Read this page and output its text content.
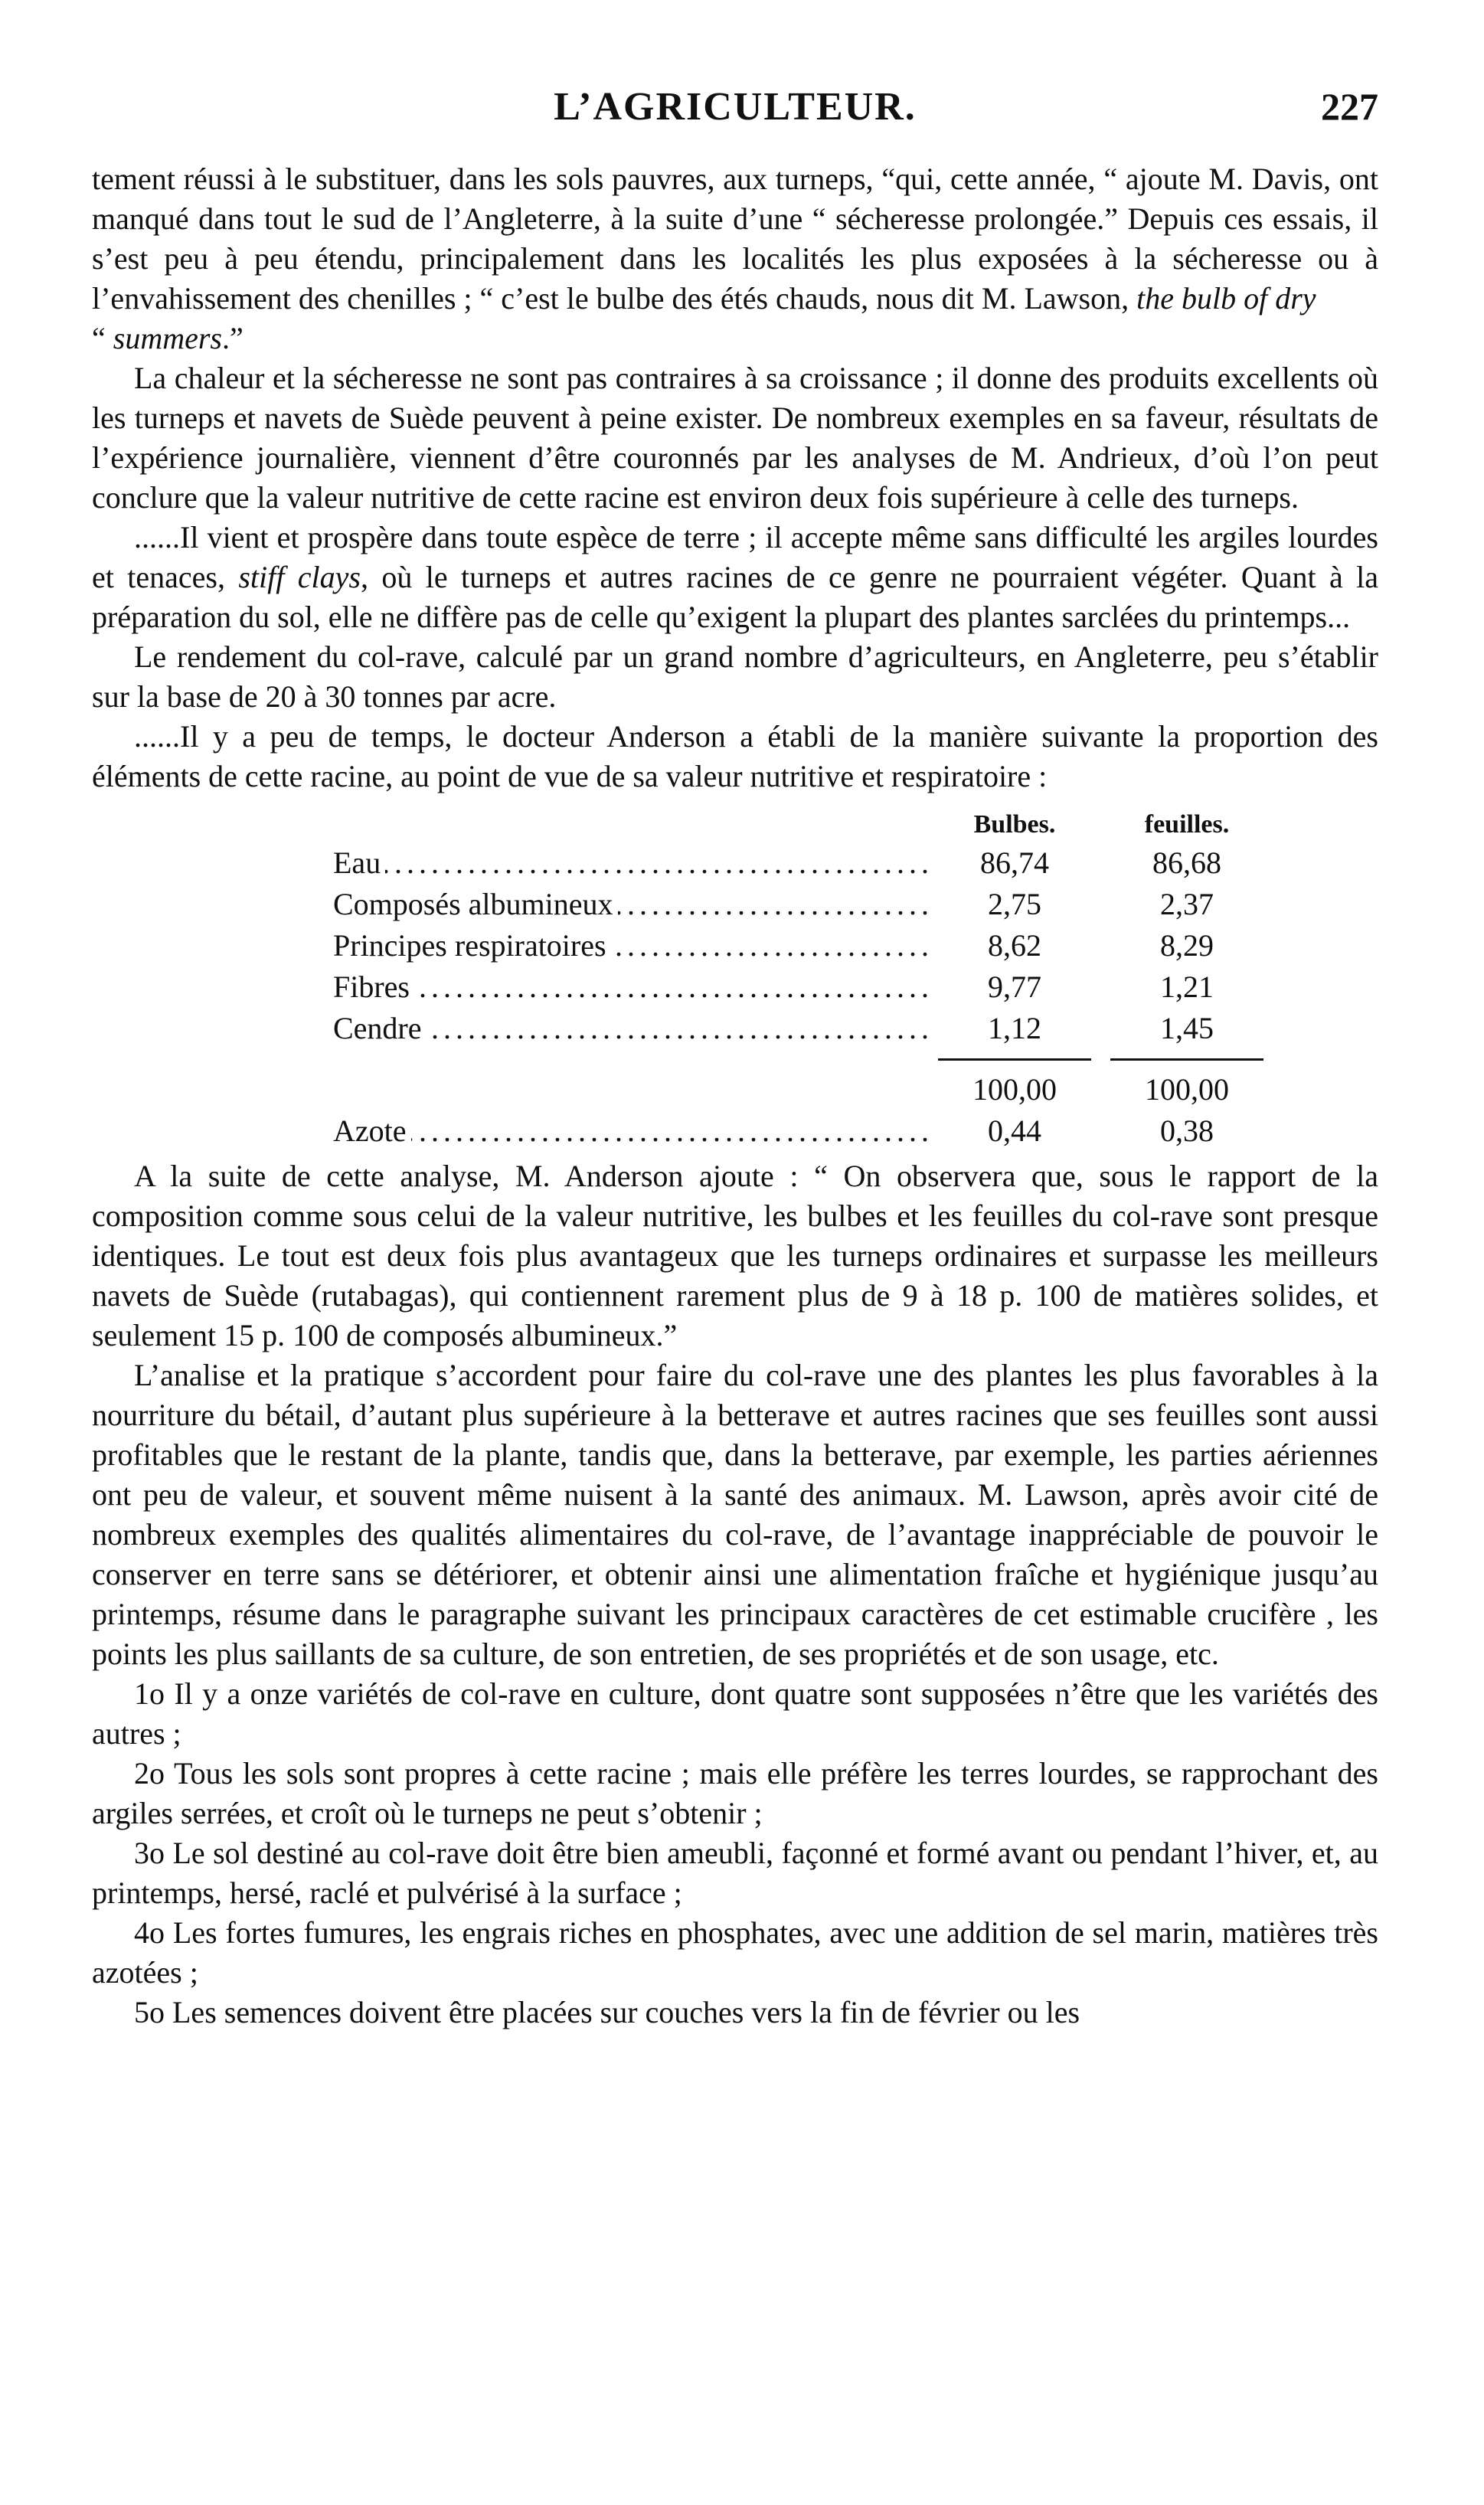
L’AGRICULTEUR.	227

tement réussi à le substituer, dans les sols pauvres, aux turneps, “qui, cette année, “ ajoute M. Davis, ont manqué dans tout le sud de l’Angleterre, à la suite d’une “ sécheresse prolongée.” Depuis ces essais, il s’est peu à peu étendu, principalement dans les localités les plus exposées à la sécheresse ou à l’envahissement des chenilles ; “ c’est le bulbe des étés chauds, nous dit M. Lawson, the bulb of dry
“ summers.”

La chaleur et la sécheresse ne sont pas contraires à sa croissance ; il donne des produits excellents où les turneps et navets de Suède peuvent à peine exister. De nombreux exemples en sa faveur, résultats de l’expérience journalière, viennent d’être couronnés par les analyses de M. Andrieux, d’où l’on peut conclure que la valeur nutritive de cette racine est environ deux fois supérieure à celle des turneps.

......Il vient et prospère dans toute espèce de terre ; il accepte même sans difficulté les argiles lourdes et tenaces, stiff clays, où le turneps et autres racines de ce genre ne pourraient végéter. Quant à la préparation du sol, elle ne diffère pas de celle qu’exigent la plupart des plantes sarclées du printemps...

Le rendement du col-rave, calculé par un grand nombre d’agriculteurs, en Angleterre, peu s’établir sur la base de 20 à 30 tonnes par acre.

......Il y a peu de temps, le docteur Anderson a établi de la manière suivante la proportion des éléments de cette racine, au point de vue de sa valeur nutritive et respiratoire :

Bulbes.	feuilles.
Eau .....	86,74	86,68
Composés albumineux .....	2,75	2,37
Principes respiratoires .....	8,62	8,29
Fibres .....	9,77	1,21
Cendre .....	1,12	1,45
100,00	100,00
Azote .....	0,44	0,38

A la suite de cette analyse, M. Anderson ajoute : “ On observera que, sous le rapport de la composition comme sous celui de la valeur nutritive, les bulbes et les feuilles du col-rave sont presque identiques. Le tout est deux fois plus avantageux que les turneps ordinaires et surpasse les meilleurs navets de Suède (rutabagas), qui contiennent rarement plus de 9 à 18 p. 100 de matières solides, et seulement 15 p. 100 de composés albumineux.”

L’analise et la pratique s’accordent pour faire du col-rave une des plantes les plus favorables à la nourriture du bétail, d’autant plus supérieure à la betterave et autres racines que ses feuilles sont aussi profitables que le restant de la plante, tandis que, dans la betterave, par exemple, les parties aériennes ont peu de valeur, et souvent même nuisent à la santé des animaux. M. Lawson, après avoir cité de nombreux exemples des qualités alimentaires du col-rave, de l’avantage inappréciable de pouvoir le conserver en terre sans se détériorer, et obtenir ainsi une alimentation fraîche et hygiénique jusqu’au printemps, résume dans le paragraphe suivant les principaux caractères de cet estimable crucifère , les points les plus saillants de sa culture, de son entretien, de ses propriétés et de son usage, etc.

1o Il y a onze variétés de col-rave en culture, dont quatre sont supposées n’être que les variétés des autres ;

2o Tous les sols sont propres à cette racine ; mais elle préfère les terres lourdes, se rapprochant des argiles serrées, et croît où le turneps ne peut s’obtenir ;

3o Le sol destiné au col-rave doit être bien ameubli, façonné et formé avant ou pendant l’hiver, et, au printemps, hersé, raclé et pulvérisé à la surface ;

4o Les fortes fumures, les engrais riches en phosphates, avec une addition de sel marin, matières très azotées ;

5o Les semences doivent être placées sur couches vers la fin de février ou les
